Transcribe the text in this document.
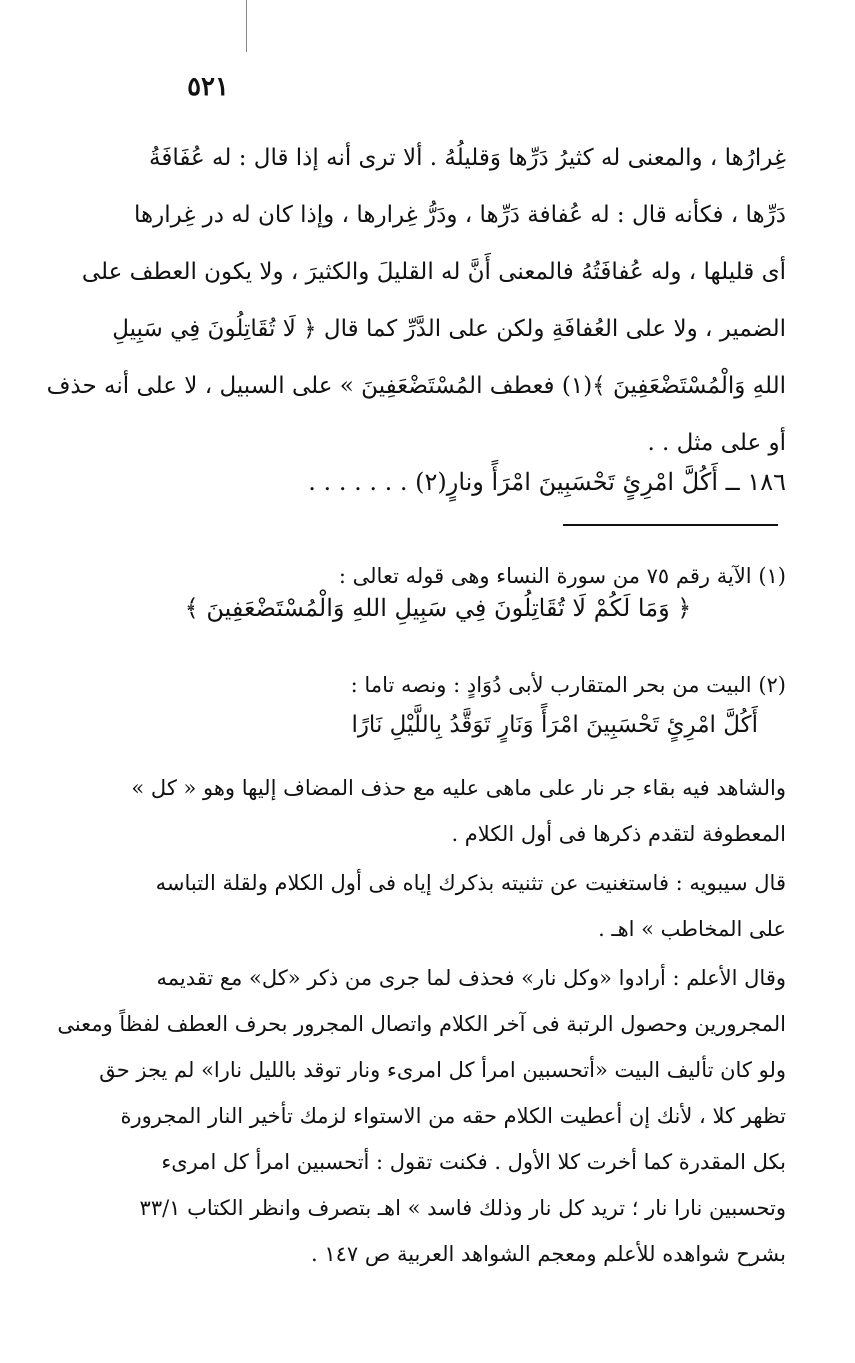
٥٢١
غِرارُها ، والمعنى له كثيرُ دَرِّها وَقليلُهُ . ألا ترى أنه إذا قال : له عُفَافَةُ
دَرِّها ، فكأنه قال : له عُفافة دَرِّها ، ودَرُّ غِرارها ، وإذا كان له در غِرارها
أى قليلها ، وله عُفافَتُهُ فالمعنى أَنَّ له القليلَ والكثيرَ ، ولا يكون العطف على
الضمير ، ولا على العُفافَةِ ولكن على الدَّرِّ كما قال ﴿ لَا تُقَاتِلُونَ فِي سَبِيلِ
اللهِ وَالْمُسْتَضْعَفِينَ ﴾(١) فعطف المُسْتَضْعَفِينَ » على السبيل ، لا على أنه حذف
أو على مثل . .
١٨٦ ــ أَكُلَّ امْرِئٍ تَحْسَبِينَ امْرَأً ونارٍ(٢) . . . . . . .
(١) الآية رقم ٧٥ من سورة النساء وهى قوله تعالى :
﴿ وَمَا لَكُمْ لَا تُقَاتِلُونَ فِي سَبِيلِ اللهِ وَالْمُسْتَضْعَفِينَ ﴾
(٢) البيت من بحر المتقارب لأبى دُوَادٍ : ونصه تاما :
أَكُلَّ امْرِئٍ تَحْسَبِينَ امْرَأً وَنَارٍ تَوَقَّدُ بِاللَّيْلِ نَارًا
والشاهد فيه بقاء جر نار على ماهى عليه مع حذف المضاف إليها وهو « كل »
المعطوفة لتقدم ذكرها فى أول الكلام .
قال سيبويه : فاستغنيت عن تثنيته بذكرك إياه فى أول الكلام ولقلة التباسه
على المخاطب » اهـ .
وقال الأعلم : أرادوا «وكل نار» فحذف لما جرى من ذكر «كل» مع تقديمه
المجرورين وحصول الرتبة فى آخر الكلام واتصال المجرور بحرف العطف لفظاً ومعنى
ولو كان تأليف البيت «أتحسبين امرأ كل امرىء ونار توقد بالليل نارا» لم يجز حق
تظهر كلا ، لأنك إن أعطيت الكلام حقه من الاستواء لزمك تأخير النار المجرورة
بكل المقدرة كما أخرت كلا الأول . فكنت تقول : أتحسبين امرأ كل امرىء
وتحسبين نارا نار ؛ تريد كل نار وذلك فاسد » اهـ بتصرف وانظر الكتاب ٣٣/١
بشرح شواهده للأعلم ومعجم الشواهد العربية ص ١٤٧ .
